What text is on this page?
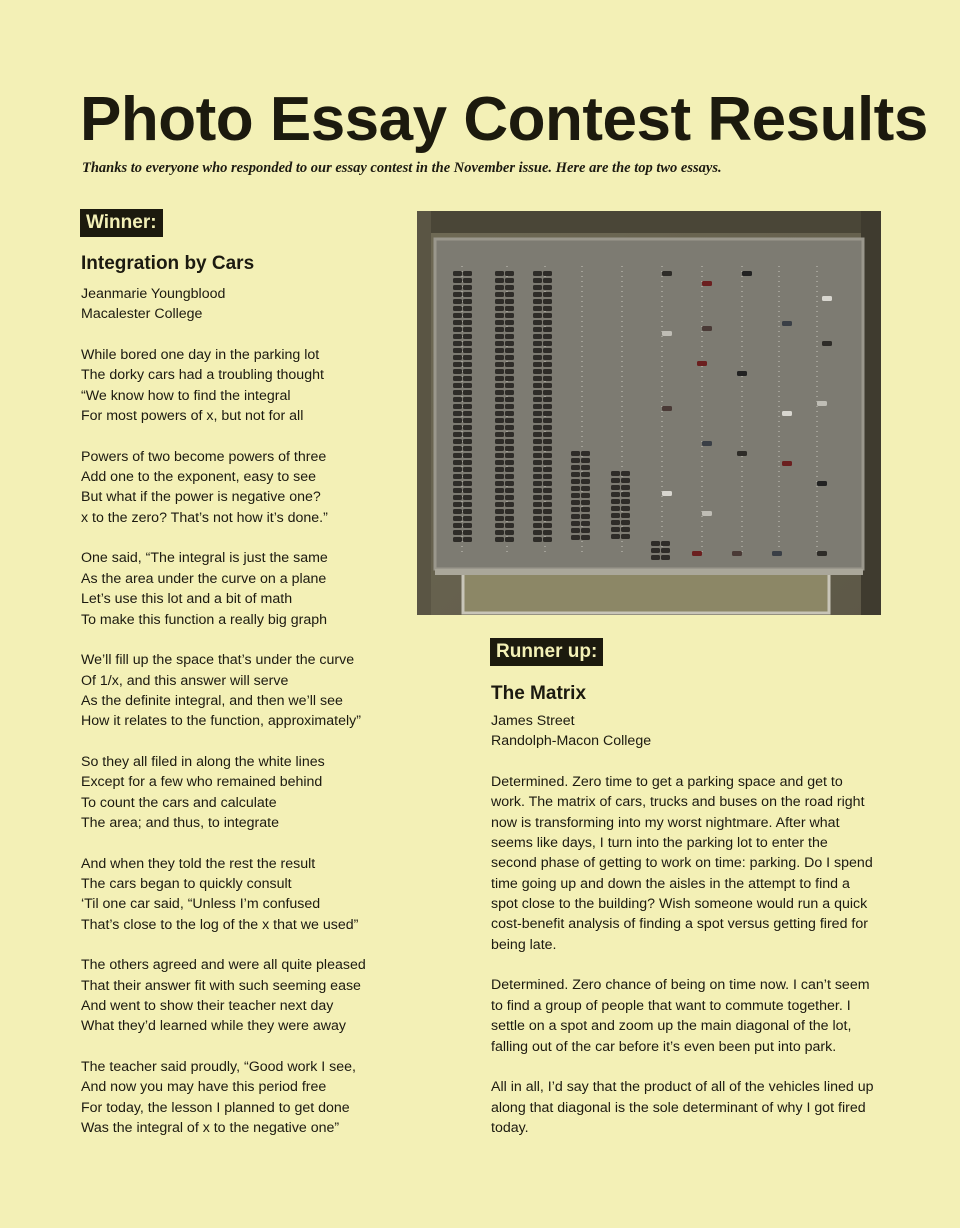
Photo Essay Contest Results

Thanks to everyone who responded to our essay contest in the November issue. Here are the top two essays.

Winner:
Integration by Cars

Jeanmarie Youngblood
Macalester College

While bored one day in the parking lot
The dorky cars had a troubling thought
“We know how to find the integral
For most powers of x, but not for all

Powers of two become powers of three
Add one to the exponent, easy to see
But what if the power is negative one?
x to the zero? That’s not how it’s done.”

One said, “The integral is just the same
As the area under the curve on a plane
Let’s use this lot and a bit of math
To make this function a really big graph

We’ll fill up the space that’s under the curve
Of 1/x, and this answer will serve
As the definite integral, and then we’ll see
How it relates to the function, approximately”

So they all filed in along the white lines
Except for a few who remained behind
To count the cars and calculate
The area; and thus, to integrate

And when they told the rest the result
The cars began to quickly consult
‘Til one car said, “Unless I’m confused
That’s close to the log of the x that we used”

The others agreed and were all quite pleased
That their answer fit with such seeming ease
And went to show their teacher next day
What they’d learned while they were away

The teacher said proudly, “Good work I see,
And now you may have this period free
For today, the lesson I planned to get done
Was the integral of x to the negative one”

Runner up:
The Matrix

James Street
Randolph-Macon College

Determined. Zero time to get a parking space and get to
work. The matrix of cars, trucks and buses on the road right
now is transforming into my worst nightmare. After what
seems like days, I turn into the parking lot to enter the
second phase of getting to work on time: parking. Do I spend
time going up and down the aisles in the attempt to find a
spot close to the building? Wish someone would run a quick
cost-benefit analysis of finding a spot versus getting fired for
being late.

Determined. Zero chance of being on time now. I can’t seem
to find a group of people that want to commute together. I
settle on a spot and zoom up the main diagonal of the lot,
falling out of the car before it’s even been put into park.

All in all, I’d say that the product of all of the vehicles lined up
along that diagonal is the sole determinant of why I got fired
today.
